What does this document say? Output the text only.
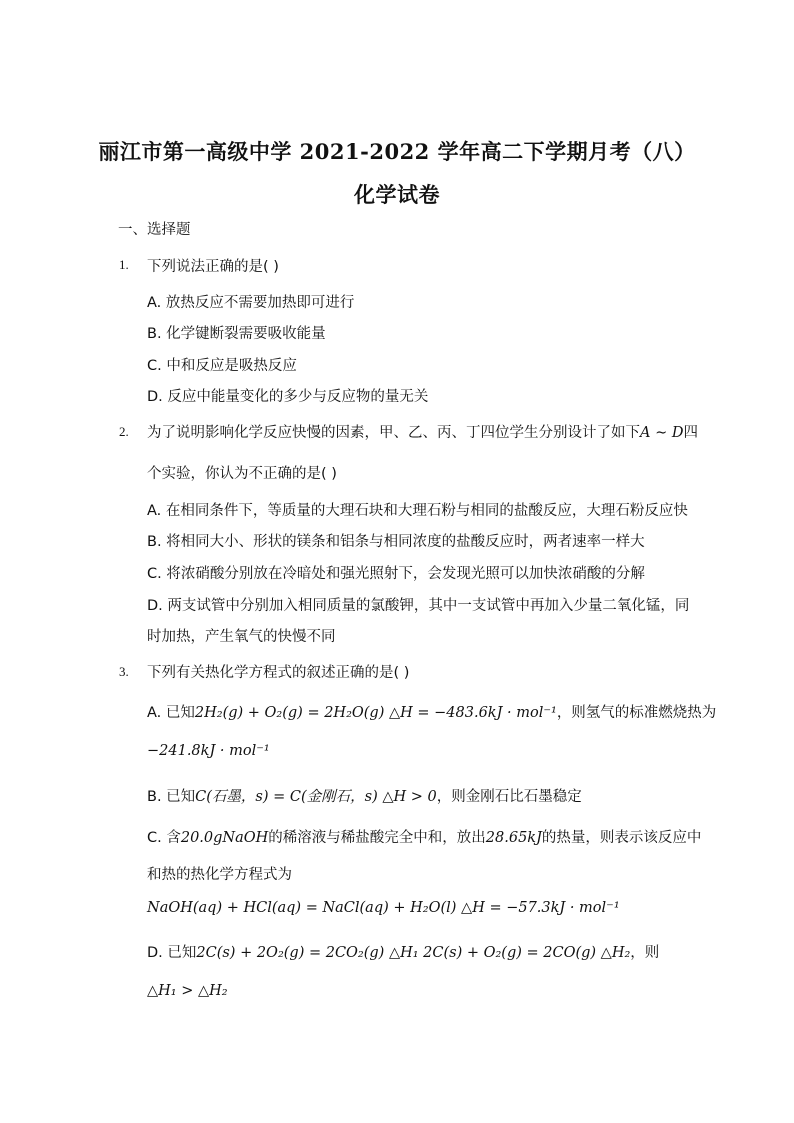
丽江市第一高级中学 2021-2022 学年高二下学期月考（八）
化学试卷
一、选择题
1. 下列说法正确的是( )
A. 放热反应不需要加热即可进行
B. 化学键断裂需要吸收能量
C. 中和反应是吸热反应
D. 反应中能量变化的多少与反应物的量无关
2. 为了说明影响化学反应快慢的因素，甲、乙、丙、丁四位学生分别设计了如下A ∼ D四
个实验，你认为不正确的是( )
A. 在相同条件下，等质量的大理石块和大理石粉与相同的盐酸反应，大理石粉反应快
B. 将相同大小、形状的镁条和铝条与相同浓度的盐酸反应时，两者速率一样大
C. 将浓硝酸分别放在冷暗处和强光照射下，会发现光照可以加快浓硝酸的分解
D. 两支试管中分别加入相同质量的氯酸钾，其中一支试管中再加入少量二氧化锰，同
时加热，产生氧气的快慢不同
3. 下列有关热化学方程式的叙述正确的是( )
A. 已知2H₂(g) + O₂(g) = 2H₂O(g) △H = −483.6kJ · mol⁻¹，则氢气的标准燃烧热为
−241.8kJ · mol⁻¹
B. 已知C(石墨，s) = C(金刚石，s) △H > 0，则金刚石比石墨稳定
C. 含20.0gNaOH的稀溶液与稀盐酸完全中和，放出28.65kJ的热量，则表示该反应中
和热的热化学方程式为
NaOH(aq) + HCl(aq) = NaCl(aq) + H₂O(l) △H = −57.3kJ · mol⁻¹
D. 已知2C(s) + 2O₂(g) = 2CO₂(g) △H₁ 2C(s) + O₂(g) = 2CO(g) △H₂，则
△H₁ > △H₂
